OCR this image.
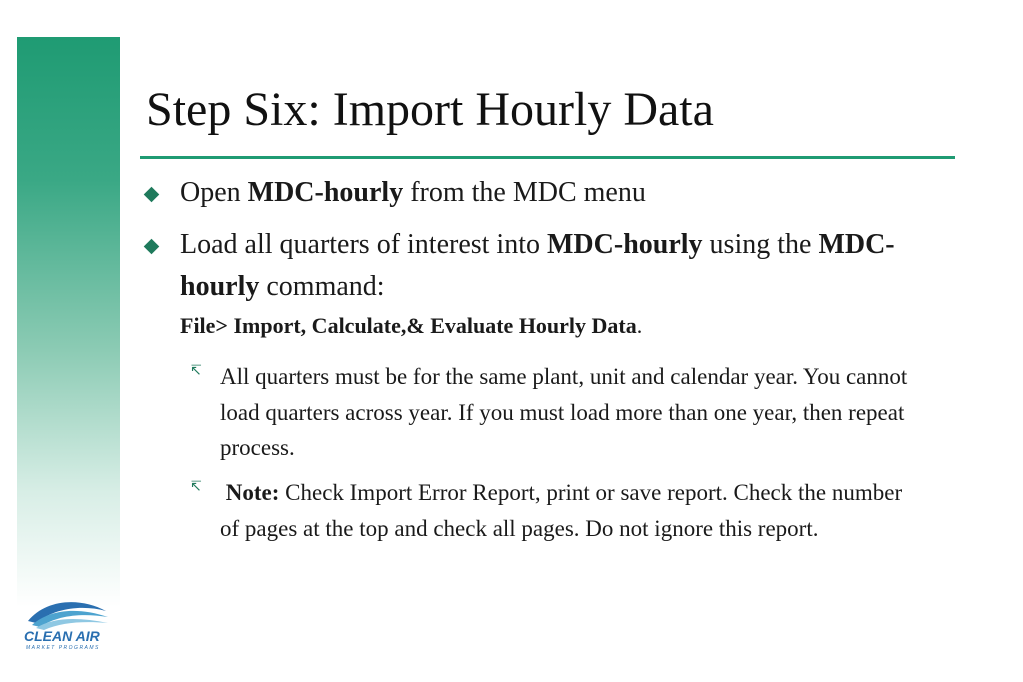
Step Six: Import Hourly Data
Open MDC-hourly from the MDC menu
Load all quarters of interest into MDC-hourly using the MDC-hourly command:
File> Import, Calculate,& Evaluate Hourly Data.
↸ All quarters must be for the same plant, unit and calendar year. You cannot load quarters across year. If you must load more than one year, then repeat process.
↸ Note: Check Import Error Report, print or save report. Check the number of pages at the top and check all pages. Do not ignore this report.
CLEAN AIR
MARKET PROGRAMS
